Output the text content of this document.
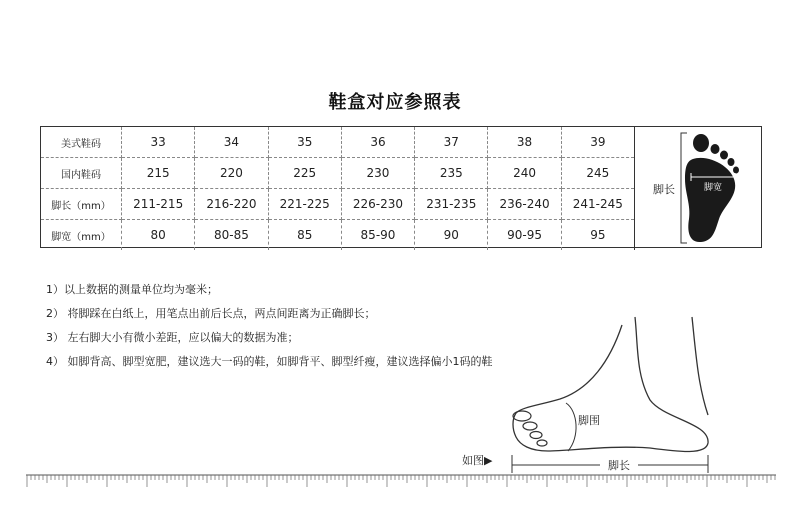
鞋盒对应参照表
美式鞋码	33	34	35	36	37	38	39
国内鞋码	215	220	225	230	235	240	245
脚长（mm）	211-215	216-220	221-225	226-230	231-235	236-240	241-245
脚宽（mm）	80	80-85	85	85-90	90	90-95	95
脚长	脚宽
1）以上数据的测量单位均为毫米；
2） 将脚踩在白纸上，用笔点出前后长点，两点间距离为正确脚长；
3） 左右脚大小有微小差距，应以偏大的数据为准；
4） 如脚背高、脚型宽肥，建议选大一码的鞋，如脚背平、脚型纤瘦，建议选择偏小1码的鞋
脚围
如图▶	脚长
